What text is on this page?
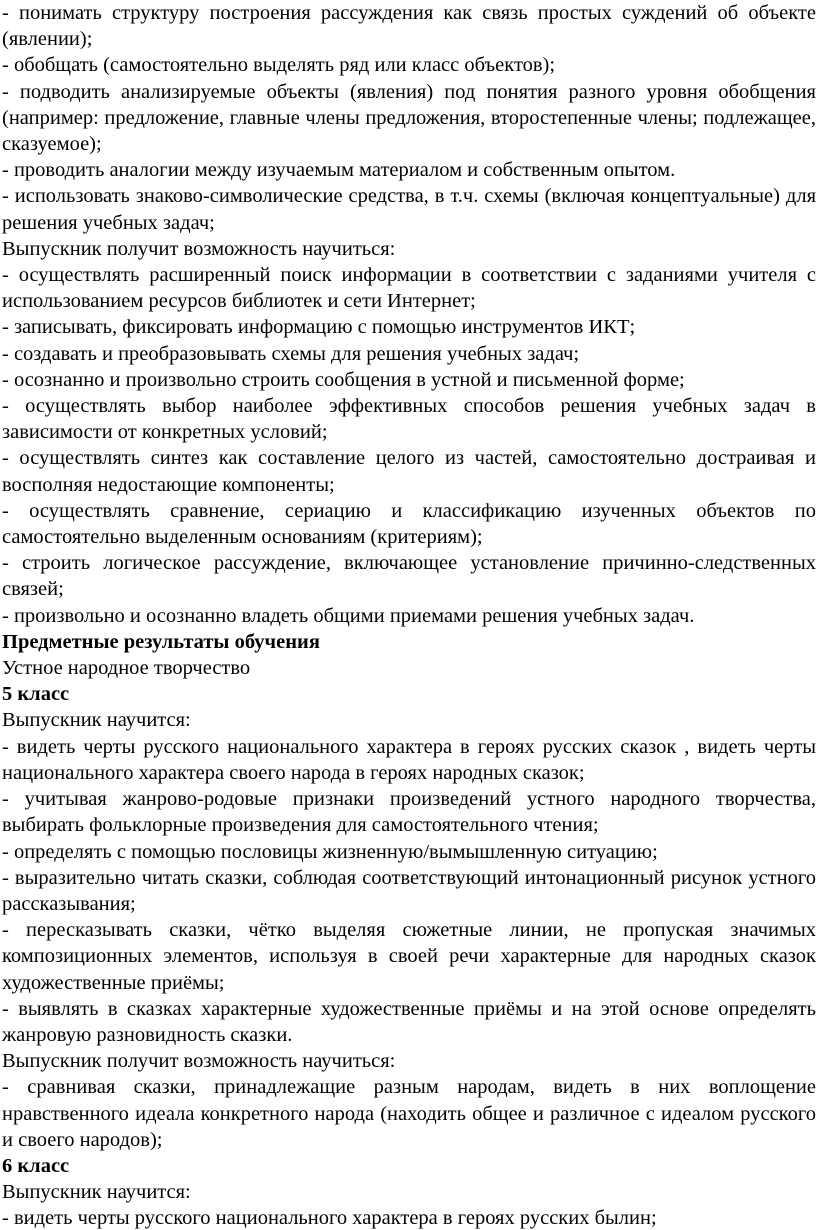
- понимать структуру построения рассуждения как связь простых суждений об объекте (явлении);

- обобщать (самостоятельно выделять ряд или класс объектов);

- подводить анализируемые объекты (явления) под понятия разного уровня обобщения (например: предложение, главные члены предложения, второстепенные члены; подлежащее, сказуемое);

- проводить аналогии между изучаемым материалом и собственным опытом.

- использовать знаково-символические средства, в т.ч. схемы (включая концептуальные) для решения учебных задач;

Выпускник получит возможность научиться:

- осуществлять расширенный поиск информации в соответствии с заданиями учителя с использованием ресурсов библиотек и сети Интернет;

- записывать, фиксировать информацию с помощью инструментов ИКТ;

- создавать и преобразовывать схемы для решения учебных задач;

- осознанно и произвольно строить сообщения в устной и письменной форме;

- осуществлять выбор наиболее эффективных способов решения учебных задач в зависимости от конкретных условий;

- осуществлять синтез как составление целого из частей, самостоятельно достраивая и восполняя недостающие компоненты;

- осуществлять сравнение, сериацию и классификацию изученных объектов по самостоятельно выделенным основаниям (критериям);

- строить логическое рассуждение, включающее установление причинно-следственных связей;

- произвольно и осознанно владеть общими приемами решения учебных задач.

Предметные результаты обучения

Устное народное творчество

5 класс

Выпускник научится:

- видеть черты русского национального характера в героях русских сказок , видеть черты национального характера своего народа в героях народных сказок;

- учитывая жанрово-родовые признаки произведений устного народного творчества, выбирать фольклорные произведения для самостоятельного чтения;

- определять с помощью пословицы жизненную/вымышленную ситуацию;

- выразительно читать сказки, соблюдая соответствующий интонационный рисунок устного рассказывания;

- пересказывать сказки, чётко выделяя сюжетные линии, не пропуская значимых композиционных элементов, используя в своей речи характерные для народных сказок художественные приёмы;

- выявлять в сказках характерные художественные приёмы и на этой основе определять жанровую разновидность сказки.

Выпускник получит возможность научиться:

- сравнивая сказки, принадлежащие разным народам, видеть в них воплощение нравственного идеала конкретного народа (находить общее и различное с идеалом русского и своего народов);

6 класс

Выпускник научится:

- видеть черты русского национального характера в героях русских былин;
